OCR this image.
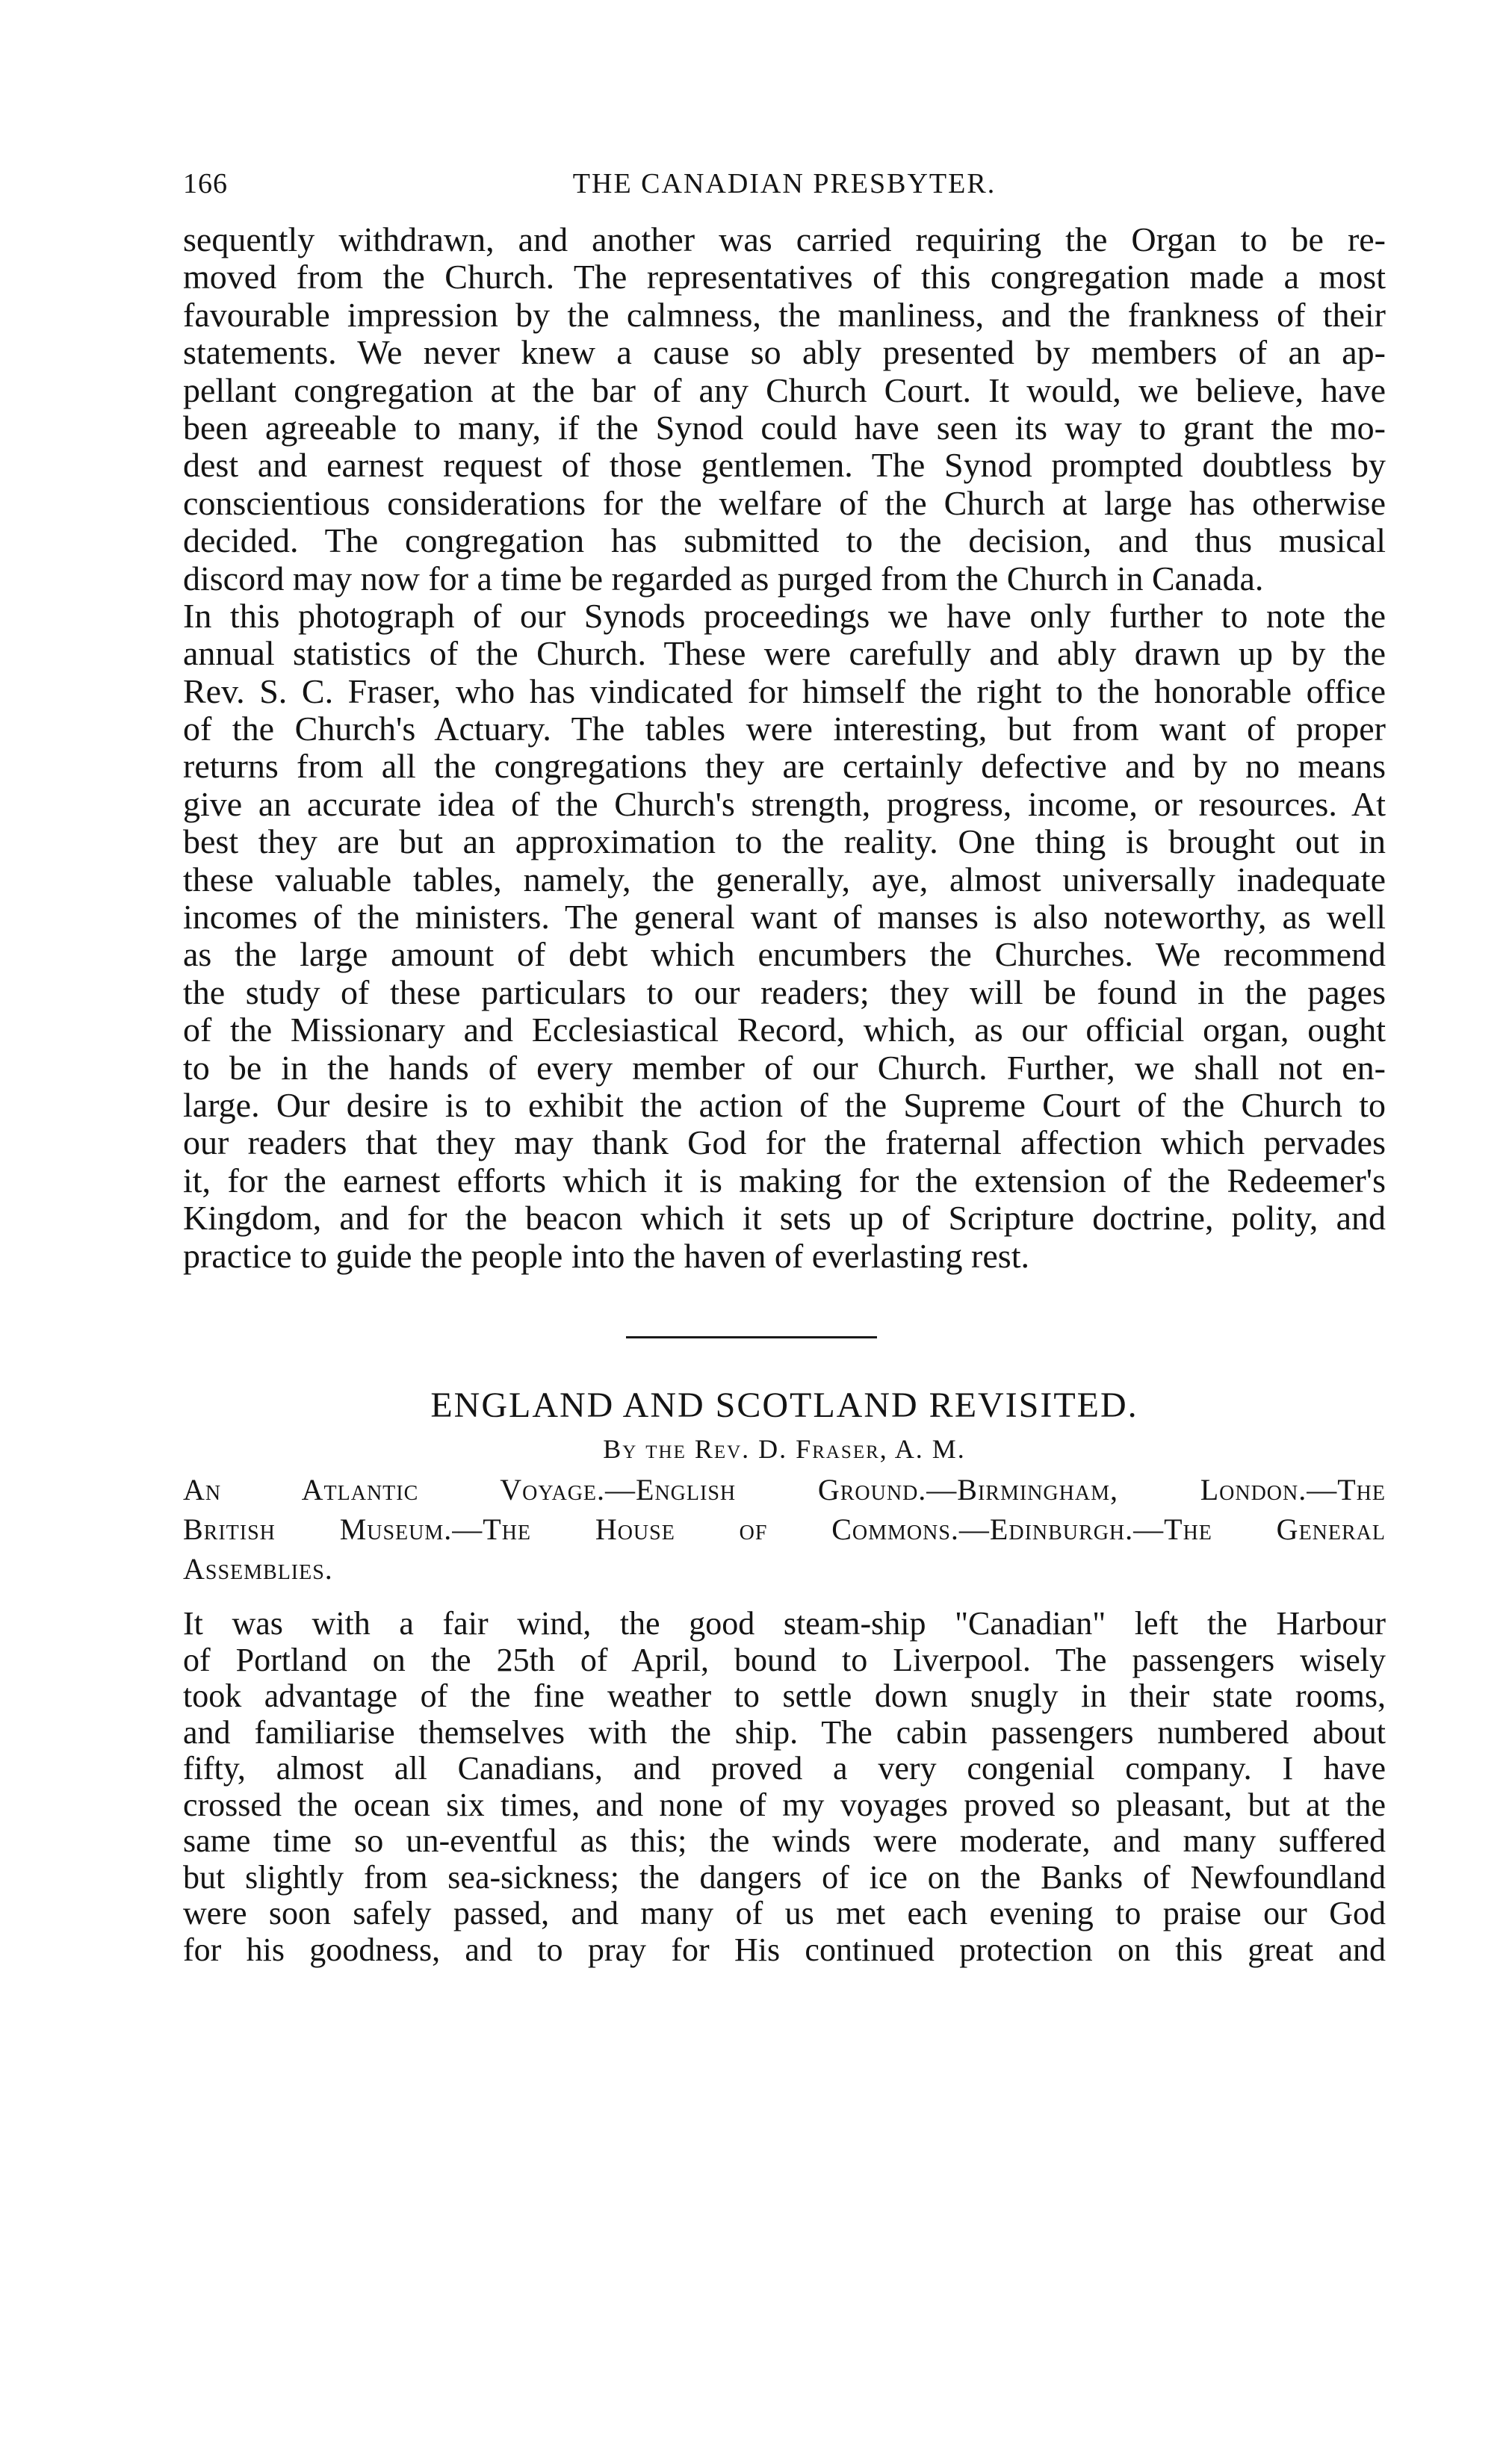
166	THE CANADIAN PRESBYTER.
sequently withdrawn, and another was carried requiring the Organ to be re-
moved from the Church. The representatives of this congregation made a most
favourable impression by the calmness, the manliness, and the frankness of their
statements. We never knew a cause so ably presented by members of an ap-
pellant congregation at the bar of any Church Court. It would, we believe, have
been agreeable to many, if the Synod could have seen its way to grant the mo-
dest and earnest request of those gentlemen. The Synod prompted doubtless by
conscientious considerations for the welfare of the Church at large has otherwise
decided. The congregation has submitted to the decision, and thus musical
discord may now for a time be regarded as purged from the Church in Canada.
In this photograph of our Synods proceedings we have only further to note the
annual statistics of the Church. These were carefully and ably drawn up by the
Rev. S. C. Fraser, who has vindicated for himself the right to the honorable office
of the Church's Actuary. The tables were interesting, but from want of proper
returns from all the congregations they are certainly defective and by no means
give an accurate idea of the Church's strength, progress, income, or resources. At
best they are but an approximation to the reality. One thing is brought out in
these valuable tables, namely, the generally, aye, almost universally inadequate
incomes of the ministers. The general want of manses is also noteworthy, as well
as the large amount of debt which encumbers the Churches. We recommend
the study of these particulars to our readers; they will be found in the pages
of the Missionary and Ecclesiastical Record, which, as our official organ, ought
to be in the hands of every member of our Church. Further, we shall not en-
large. Our desire is to exhibit the action of the Supreme Court of the Church to
our readers that they may thank God for the fraternal affection which pervades
it, for the earnest efforts which it is making for the extension of the Redeemer's
Kingdom, and for the beacon which it sets up of Scripture doctrine, polity, and
practice to guide the people into the haven of everlasting rest.
ENGLAND AND SCOTLAND REVISITED.
By the Rev. D. Fraser, A. M.
An Atlantic Voyage.—English Ground.—Birmingham, London.—The
British Museum.—The House of Commons.—Edinburgh.—The General
Assemblies.
It was with a fair wind, the good steam-ship "Canadian" left the Harbour
of Portland on the 25th of April, bound to Liverpool. The passengers wisely
took advantage of the fine weather to settle down snugly in their state rooms,
and familiarise themselves with the ship. The cabin passengers numbered about
fifty, almost all Canadians, and proved a very congenial company. I have
crossed the ocean six times, and none of my voyages proved so pleasant, but at the
same time so un-eventful as this; the winds were moderate, and many suffered
but slightly from sea-sickness; the dangers of ice on the Banks of Newfoundland
were soon safely passed, and many of us met each evening to praise our God
for his goodness, and to pray for His continued protection on this great and
